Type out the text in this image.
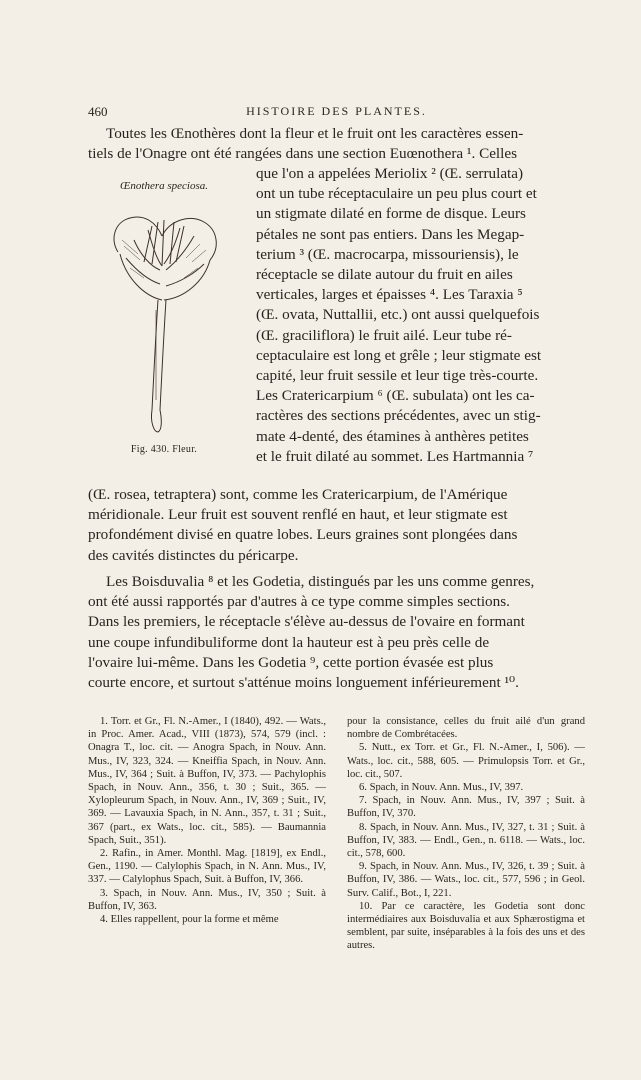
460	HISTOIRE DES PLANTES.

Toutes les Œnothères dont la fleur et le fruit ont les caractères essen-

tiels de l'Onagre ont été rangées dans une section Euœnothera ¹. Celles

Œnothera speciosa.
Fig. 430. Fleur.

que l'on a appelées Meriolix ² (Œ. serrulata)

ont un tube réceptaculaire un peu plus court et

un stigmate dilaté en forme de disque. Leurs

pétales ne sont pas entiers. Dans les Megap-

terium ³ (Œ. macrocarpa, missouriensis), le

réceptacle se dilate autour du fruit en ailes

verticales, larges et épaisses ⁴. Les Taraxia ⁵

(Œ. ovata, Nuttallii, etc.) ont aussi quelquefois

(Œ. graciliflora) le fruit ailé. Leur tube ré-

ceptaculaire est long et grêle ; leur stigmate est

capité, leur fruit sessile et leur tige très-courte.

Les Cratericarpium ⁶ (Œ. subulata) ont les ca-

ractères des sections précédentes, avec un stig-

mate 4-denté, des étamines à anthères petites

et le fruit dilaté au sommet. Les Hartmannia ⁷

(Œ. rosea, tetraptera) sont, comme les Cratericarpium, de l'Amérique

méridionale. Leur fruit est souvent renflé en haut, et leur stigmate est

profondément divisé en quatre lobes. Leurs graines sont plongées dans

des cavités distinctes du péricarpe.

Les Boisduvalia ⁸ et les Godetia, distingués par les uns comme genres,

ont été aussi rapportés par d'autres à ce type comme simples sections.

Dans les premiers, le réceptacle s'élève au-dessus de l'ovaire en formant

une coupe infundibuliforme dont la hauteur est à peu près celle de

l'ovaire lui-même. Dans les Godetia ⁹, cette portion évasée est plus

courte encore, et surtout s'atténue moins longuement inférieurement ¹⁰.

1. Torr. et Gr., Fl. N.-Amer., I (1840), 492. — Wats., in Proc. Amer. Acad., VIII (1873), 574, 579 (incl. : Onagra T., loc. cit. — Anogra Spach, in Nouv. Ann. Mus., IV, 323, 324. — Kneiffia Spach, in Nouv. Ann. Mus., IV, 364 ; Suit. à Buffon, IV, 373. — Pachylophis Spach, in Nouv. Ann., 356, t. 30 ; Suit., 365. — Xylopleurum Spach, in Nouv. Ann., IV, 369 ; Suit., IV, 369. — Lavauxia Spach, in N. Ann., 357, t. 31 ; Suit., 367 (part., ex Wats., loc. cit., 585). — Baumannia Spach, Suit., 351).

2. Rafin., in Amer. Monthl. Mag. [1819], ex Endl., Gen., 1190. — Calylophis Spach, in N. Ann. Mus., IV, 337. — Calylophus Spach, Suit. à Buffon, IV, 366.

3. Spach, in Nouv. Ann. Mus., IV, 350 ; Suit. à Buffon, IV, 363.

4. Elles rappellent, pour la forme et même

pour la consistance, celles du fruit ailé d'un grand nombre de Combrétacées.

5. Nutt., ex Torr. et Gr., Fl. N.-Amer., I, 506). — Wats., loc. cit., 588, 605. — Primulopsis Torr. et Gr., loc. cit., 507.

6. Spach, in Nouv. Ann. Mus., IV, 397.

7. Spach, in Nouv. Ann. Mus., IV, 397 ; Suit. à Buffon, IV, 370.

8. Spach, in Nouv. Ann. Mus., IV, 327, t. 31 ; Suit. à Buffon, IV, 383. — Endl., Gen., n. 6118. — Wats., loc. cit., 578, 600.

9. Spach, in Nouv. Ann. Mus., IV, 326, t. 39 ; Suit. à Buffon, IV, 386. — Wats., loc. cit., 577, 596 ; in Geol. Surv. Calif., Bot., I, 221.

10. Par ce caractère, les Godetia sont donc intermédiaires aux Boisduvalia et aux Sphærostigma et semblent, par suite, inséparables à la fois des uns et des autres.
